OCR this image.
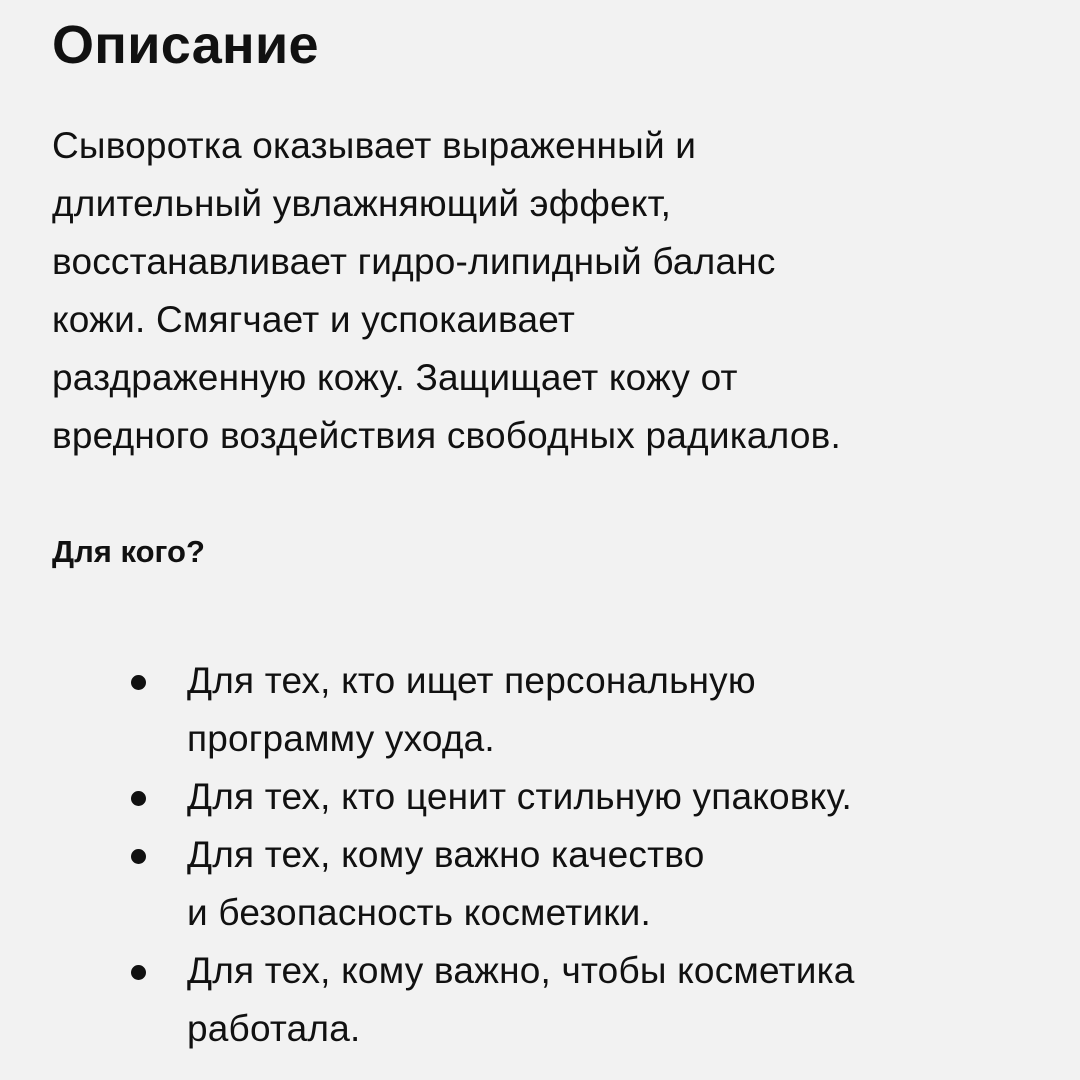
Описание

Сыворотка оказывает выраженный и
длительный увлажняющий эффект,
восстанавливает гидро-липидный баланс
кожи. Смягчает и успокаивает
раздраженную кожу. Защищает кожу от
вредного воздействия свободных радикалов.

Для кого?
Для тех, кто ищет персональную
программу ухода.
Для тех, кто ценит стильную упаковку.
Для тех, кому важно качество
и безопасность косметики.
Для тех, кому важно, чтобы косметика
работала.
